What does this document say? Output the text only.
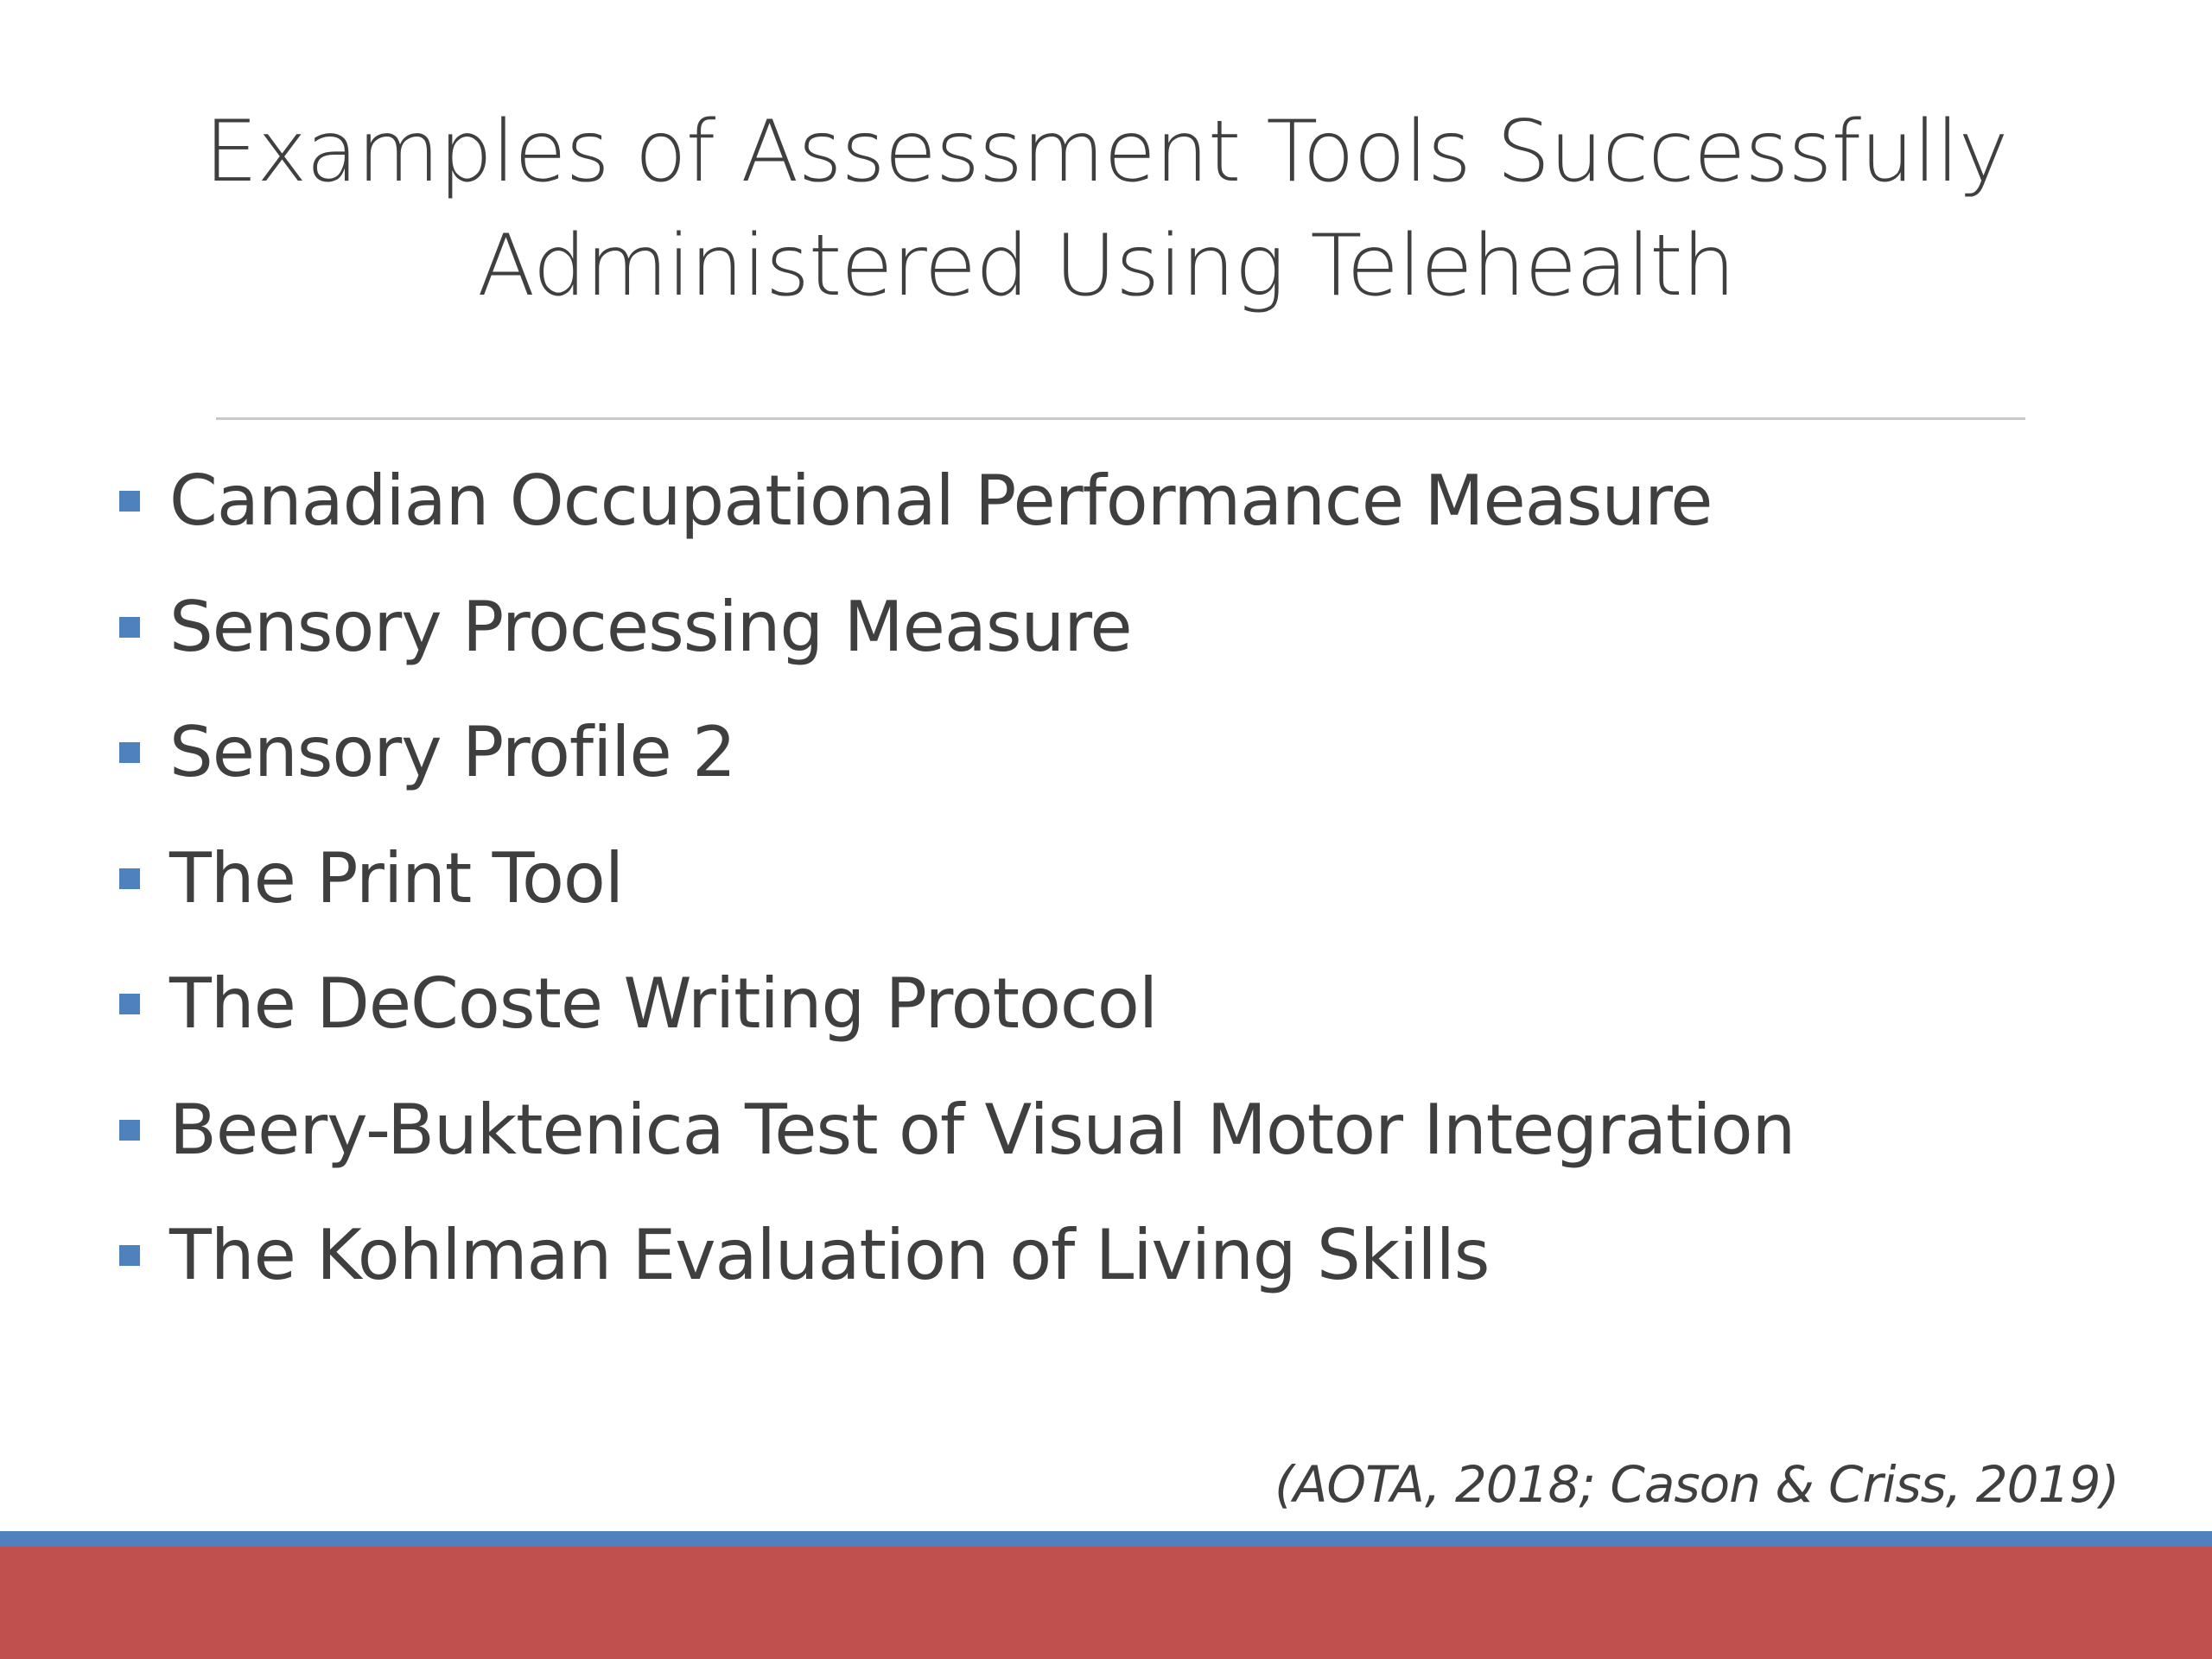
Examples of Assessment Tools Successfully
Administered Using Telehealth
Canadian Occupational Performance Measure
Sensory Processing Measure
Sensory Profile 2
The Print Tool
The DeCoste Writing Protocol
Beery-Buktenica Test of Visual Motor Integration
The Kohlman Evaluation of Living Skills
(AOTA, 2018; Cason & Criss, 2019)
